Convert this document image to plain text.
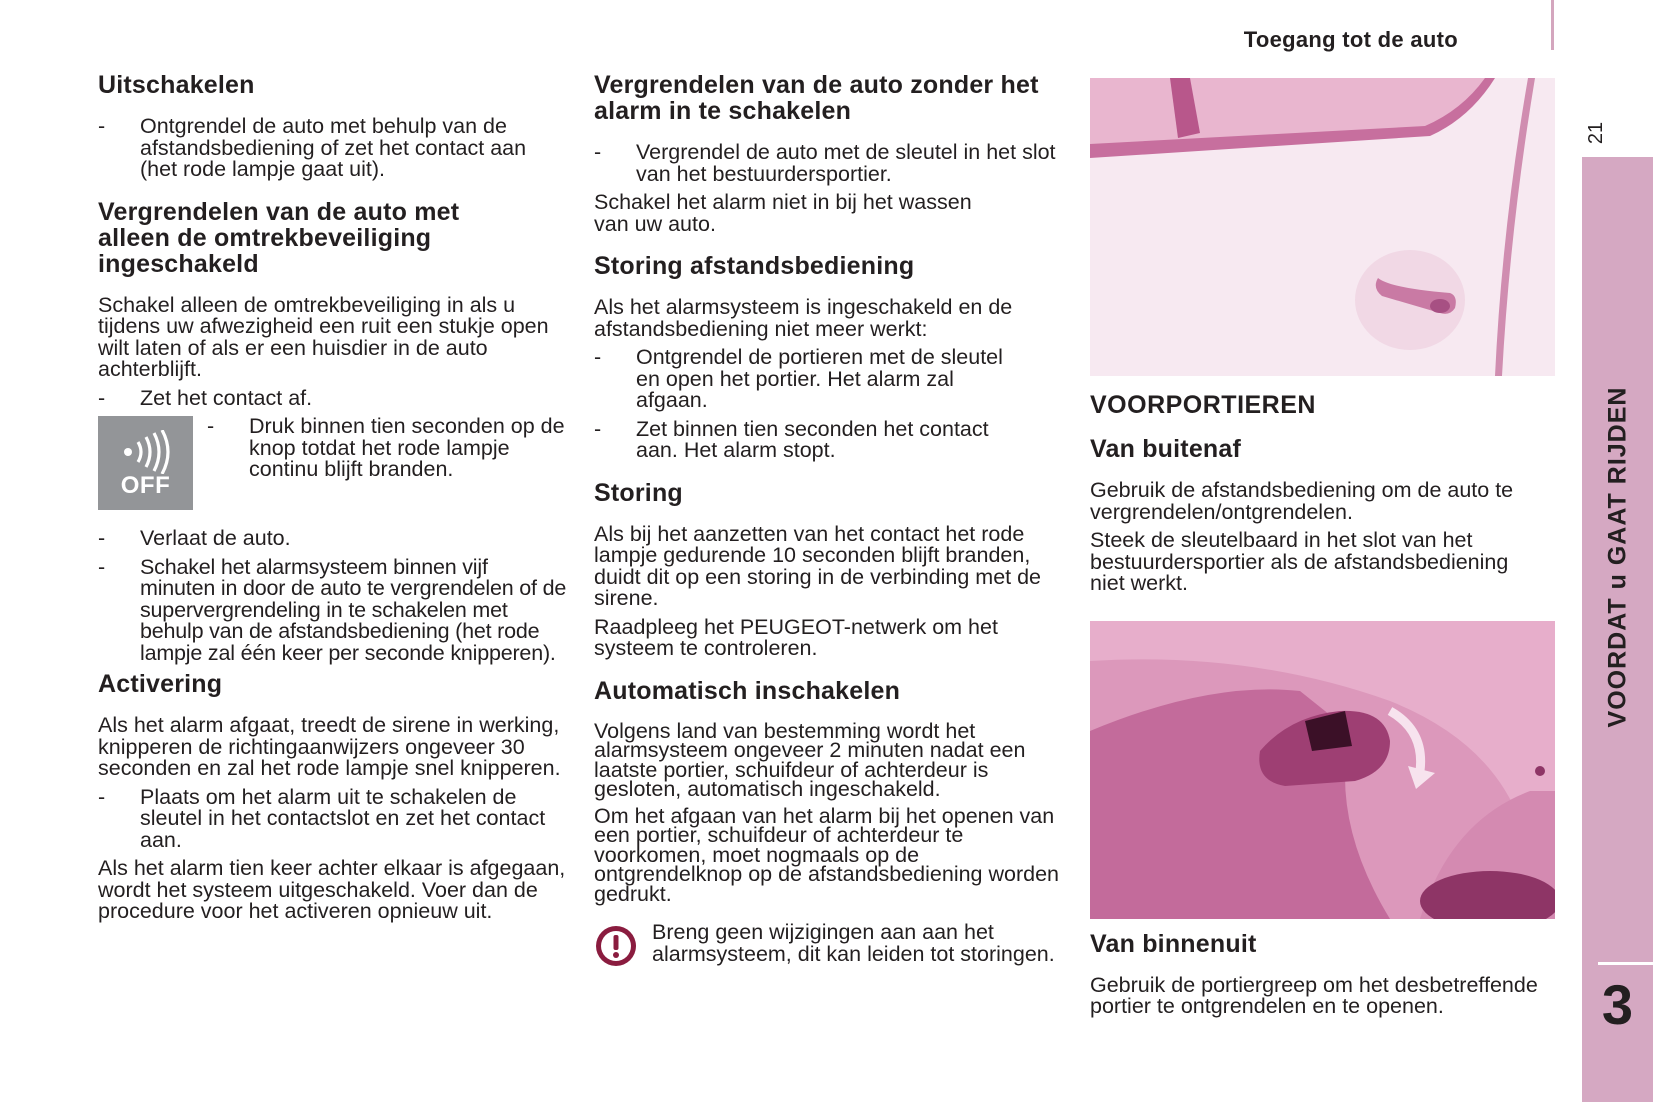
Toegang tot de auto
21
VOORDAT u GAAT RIJDEN
3
Uitschakelen
-	Ontgrendel de auto met behulp van de afstandsbediening of zet het contact aan (het rode lampje gaat uit).
Vergrendelen van de auto met alleen de omtrekbeveiliging ingeschakeld

Schakel alleen de omtrekbeveiliging in als u tijdens uw afwezigheid een ruit een stukje open wilt laten of als er een huisdier in de auto achterblijft.

-	Zet het contact af.
OFF
-	Druk binnen tien seconden op de knop totdat het rode lampje continu blijft branden.
-	Verlaat de auto.
-	Schakel het alarmsysteem binnen vijf minuten in door de auto te vergrendelen of de supervergrendeling in te schakelen met behulp van de afstandsbediening (het rode lampje zal één keer per seconde knipperen).
Activering

Als het alarm afgaat, treedt de sirene in werking, knipperen de richtingaanwijzers ongeveer 30 seconden en zal het rode lampje snel knipperen.

-	Plaats om het alarm uit te schakelen de sleutel in het contactslot en zet het contact aan.

Als het alarm tien keer achter elkaar is afgegaan, wordt het systeem uitgeschakeld. Voer dan de procedure voor het activeren opnieuw uit.

Vergrendelen van de auto zonder het alarm in te schakelen
-	Vergrendel de auto met de sleutel in het slot van het bestuurdersportier.

Schakel het alarm niet in bij het wassen van uw auto.

Storing afstandsbediening

Als het alarmsysteem is ingeschakeld en de afstandsbediening niet meer werkt:

-	Ontgrendel de portieren met de sleutel en open het portier. Het alarm zal afgaan.
-	Zet binnen tien seconden het contact aan. Het alarm stopt.
Storing

Als bij het aanzetten van het contact het rode lampje gedurende 10 seconden blijft branden, duidt dit op een storing in de verbinding met de sirene.

Raadpleeg het PEUGEOT-netwerk om het systeem te controleren.

Automatisch inschakelen

Volgens land van bestemming wordt het alarmsysteem ongeveer 2 minuten nadat een laatste portier, schuifdeur of achterdeur is gesloten, automatisch ingeschakeld.

Om het afgaan van het alarm bij het openen van een portier, schuifdeur of achterdeur te voorkomen, moet nogmaals op de ontgrendelknop op de afstandsbediening worden gedrukt.

Breng geen wijzigingen aan aan het alarmsysteem, dit kan leiden tot storingen.

VOORPORTIEREN
Van buitenaf

Gebruik de afstandsbediening om de auto te vergrendelen/ontgrendelen.

Steek de sleutelbaard in het slot van het bestuurdersportier als de afstandsbediening niet werkt.

Van binnenuit

Gebruik de portiergreep om het desbetreffende portier te ontgrendelen en te openen.
